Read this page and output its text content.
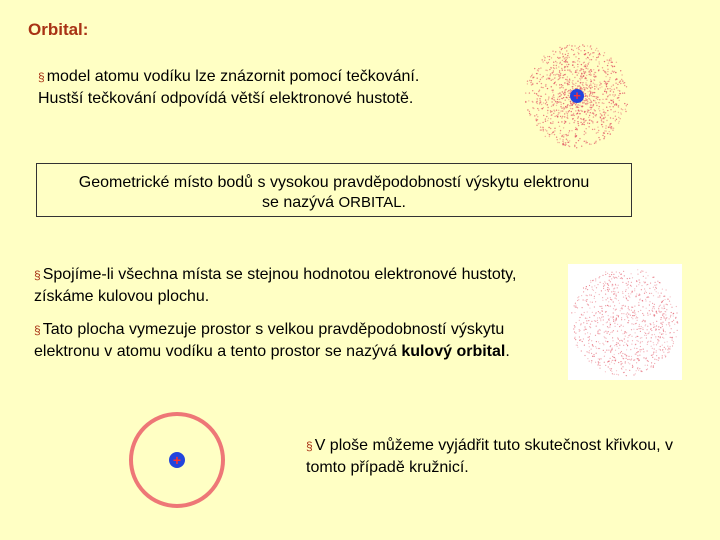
Orbital:
§ model atomu vodíku lze znázornit pomocí tečkování.
Hustší tečkování odpovídá větší elektronové hustotě.	+
Geometrické místo bodů s vysokou pravděpodobností výskytu elektronu
se nazývá ORBITAL.
§ Spojíme-li všechna místa se stejnou hodnotou elektronové hustoty, získáme kulovou plochu.
§ Tato plocha vymezuje prostor s velkou pravděpodobností výskytu elektronu v atomu vodíku a tento prostor se nazývá kulový orbital.
+
§ V ploše můžeme vyjádřit tuto skutečnost křivkou, v tomto případě kružnicí.
